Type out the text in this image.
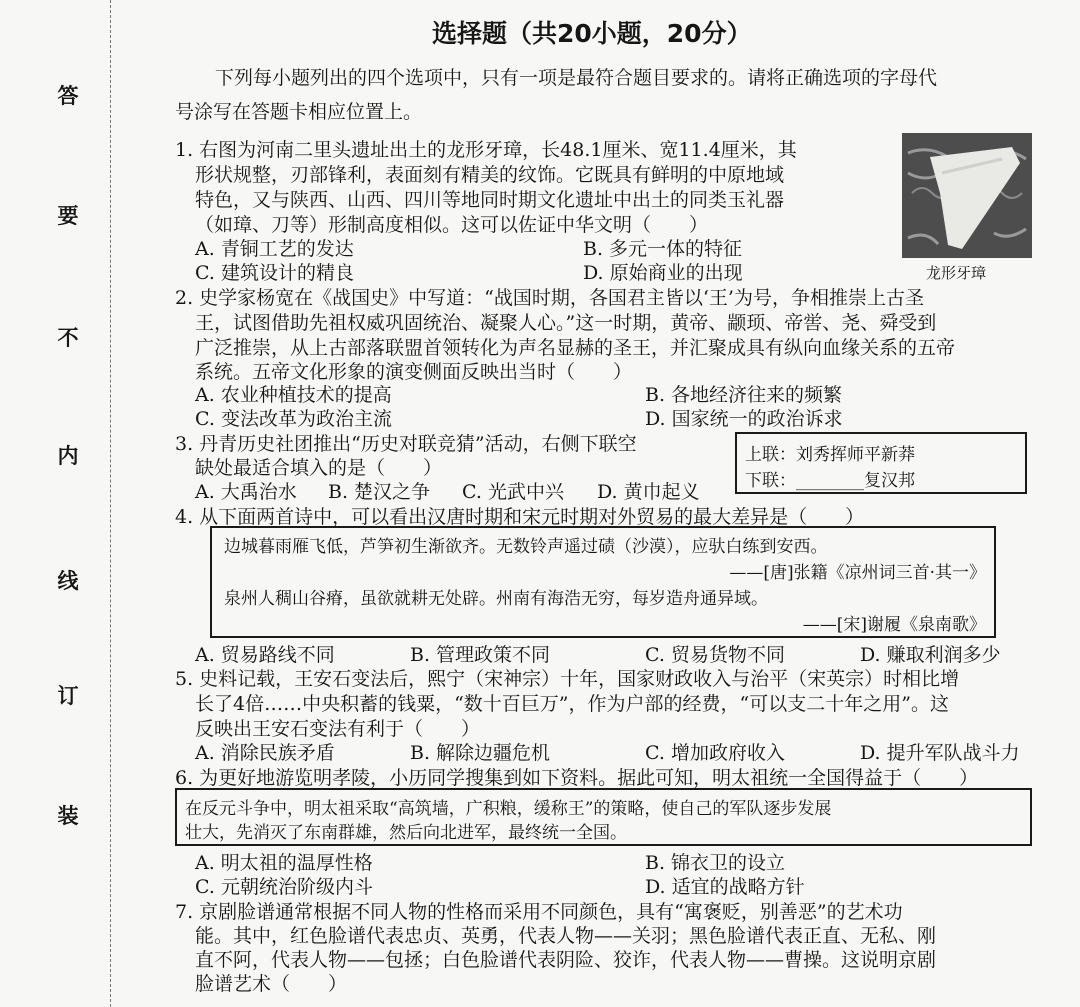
答
要
不
内
线
订
装
选择题（共20小题，20分）
下列每小题列出的四个选项中，只有一项是最符合题目要求的。请将正确选项的字母代
号涂写在答题卡相应位置上。
1. 右图为河南二里头遗址出土的龙形牙璋，长48.1厘米、宽11.4厘米，其
形状规整，刃部锋利，表面刻有精美的纹饰。它既具有鲜明的中原地域
特色，又与陕西、山西、四川等地同时期文化遗址中出土的同类玉礼器
（如璋、刀等）形制高度相似。这可以佐证中华文明（　　）
A. 青铜工艺的发达	B. 多元一体的特征
C. 建筑设计的精良	D. 原始商业的出现	龙形牙璋
2. 史学家杨宽在《战国史》中写道：“战国时期，各国君主皆以‘王’为号，争相推崇上古圣
王，试图借助先祖权威巩固统治、凝聚人心。”这一时期，黄帝、颛顼、帝喾、尧、舜受到
广泛推崇，从上古部落联盟首领转化为声名显赫的圣王，并汇聚成具有纵向血缘关系的五帝
系统。五帝文化形象的演变侧面反映出当时（　　）
A. 农业种植技术的提高	B. 各地经济往来的频繁
C. 变法改革为政治主流	D. 国家统一的政治诉求
3. 丹青历史社团推出“历史对联竞猜”活动，右侧下联空
缺处最适合填入的是（　　）
A. 大禹治水 B. 楚汉之争 C. 光武中兴 D. 黄巾起义
上联：刘秀挥师平新莽
下联：________复汉邦
4. 从下面两首诗中，可以看出汉唐时期和宋元时期对外贸易的最大差异是（　　）
边城暮雨雁飞低，芦笋初生渐欲齐。无数铃声遥过碛（沙漠），应驮白练到安西。
——[唐]张籍《凉州词三首·其一》
泉州人稠山谷瘠，虽欲就耕无处辟。州南有海浩无穷，每岁造舟通异域。
——[宋]谢履《泉南歌》
A. 贸易路线不同	B. 管理政策不同	C. 贸易货物不同	D. 赚取利润多少
5. 史料记载，王安石变法后，熙宁（宋神宗）十年，国家财政收入与治平（宋英宗）时相比增
长了4倍……中央积蓄的钱粟，“数十百巨万”，作为户部的经费，“可以支二十年之用”。这
反映出王安石变法有利于（　　）
A. 消除民族矛盾	B. 解除边疆危机	C. 增加政府收入	D. 提升军队战斗力
6. 为更好地游览明孝陵，小历同学搜集到如下资料。据此可知，明太祖统一全国得益于（　　）
在反元斗争中，明太祖采取“高筑墙，广积粮，缓称王”的策略，使自己的军队逐步发展
壮大，先消灭了东南群雄，然后向北进军，最终统一全国。
A. 明太祖的温厚性格	B. 锦衣卫的设立
C. 元朝统治阶级内斗	D. 适宜的战略方针
7. 京剧脸谱通常根据不同人物的性格而采用不同颜色，具有“寓褒贬，别善恶”的艺术功
能。其中，红色脸谱代表忠贞、英勇，代表人物——关羽；黑色脸谱代表正直、无私、刚
直不阿，代表人物——包拯；白色脸谱代表阴险、狡诈，代表人物——曹操。这说明京剧
脸谱艺术（　　）
